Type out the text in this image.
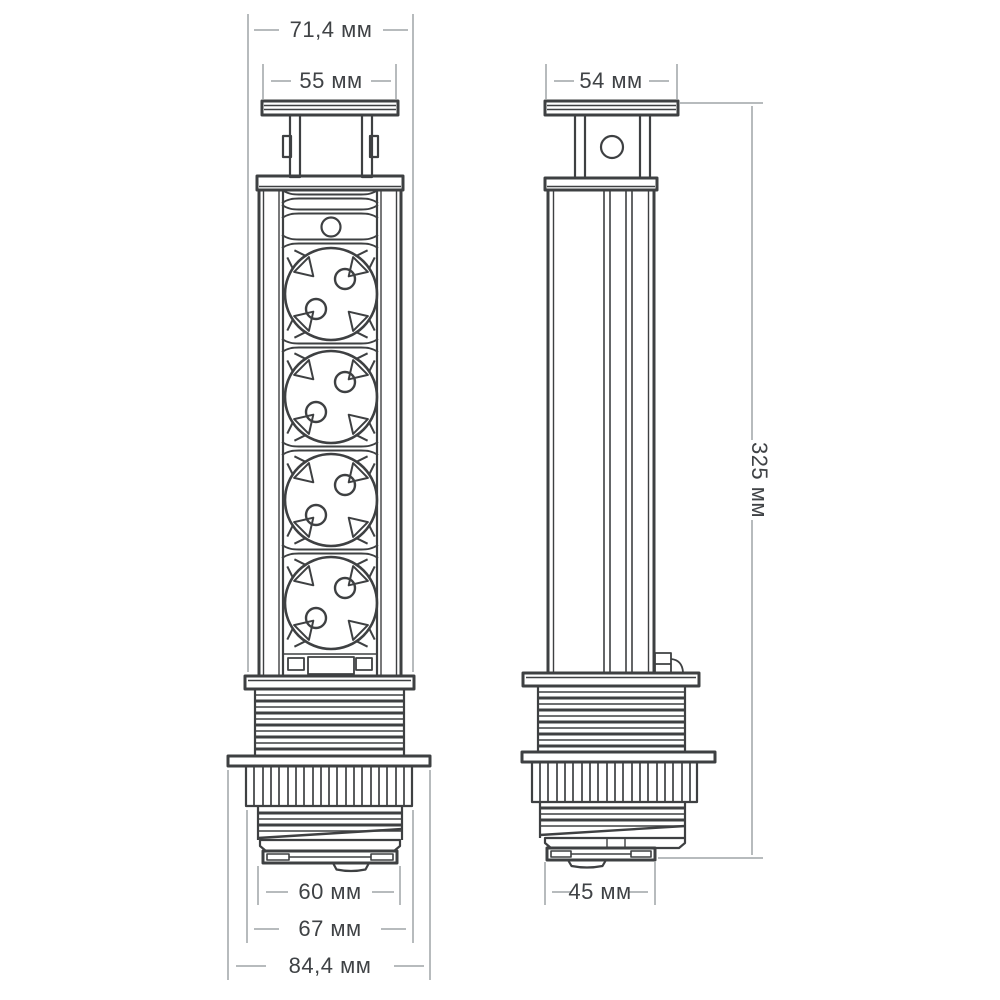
71,4 мм
55 мм	54 мм
325 мм
60 мм
67 мм
84,4 мм
45 мм
